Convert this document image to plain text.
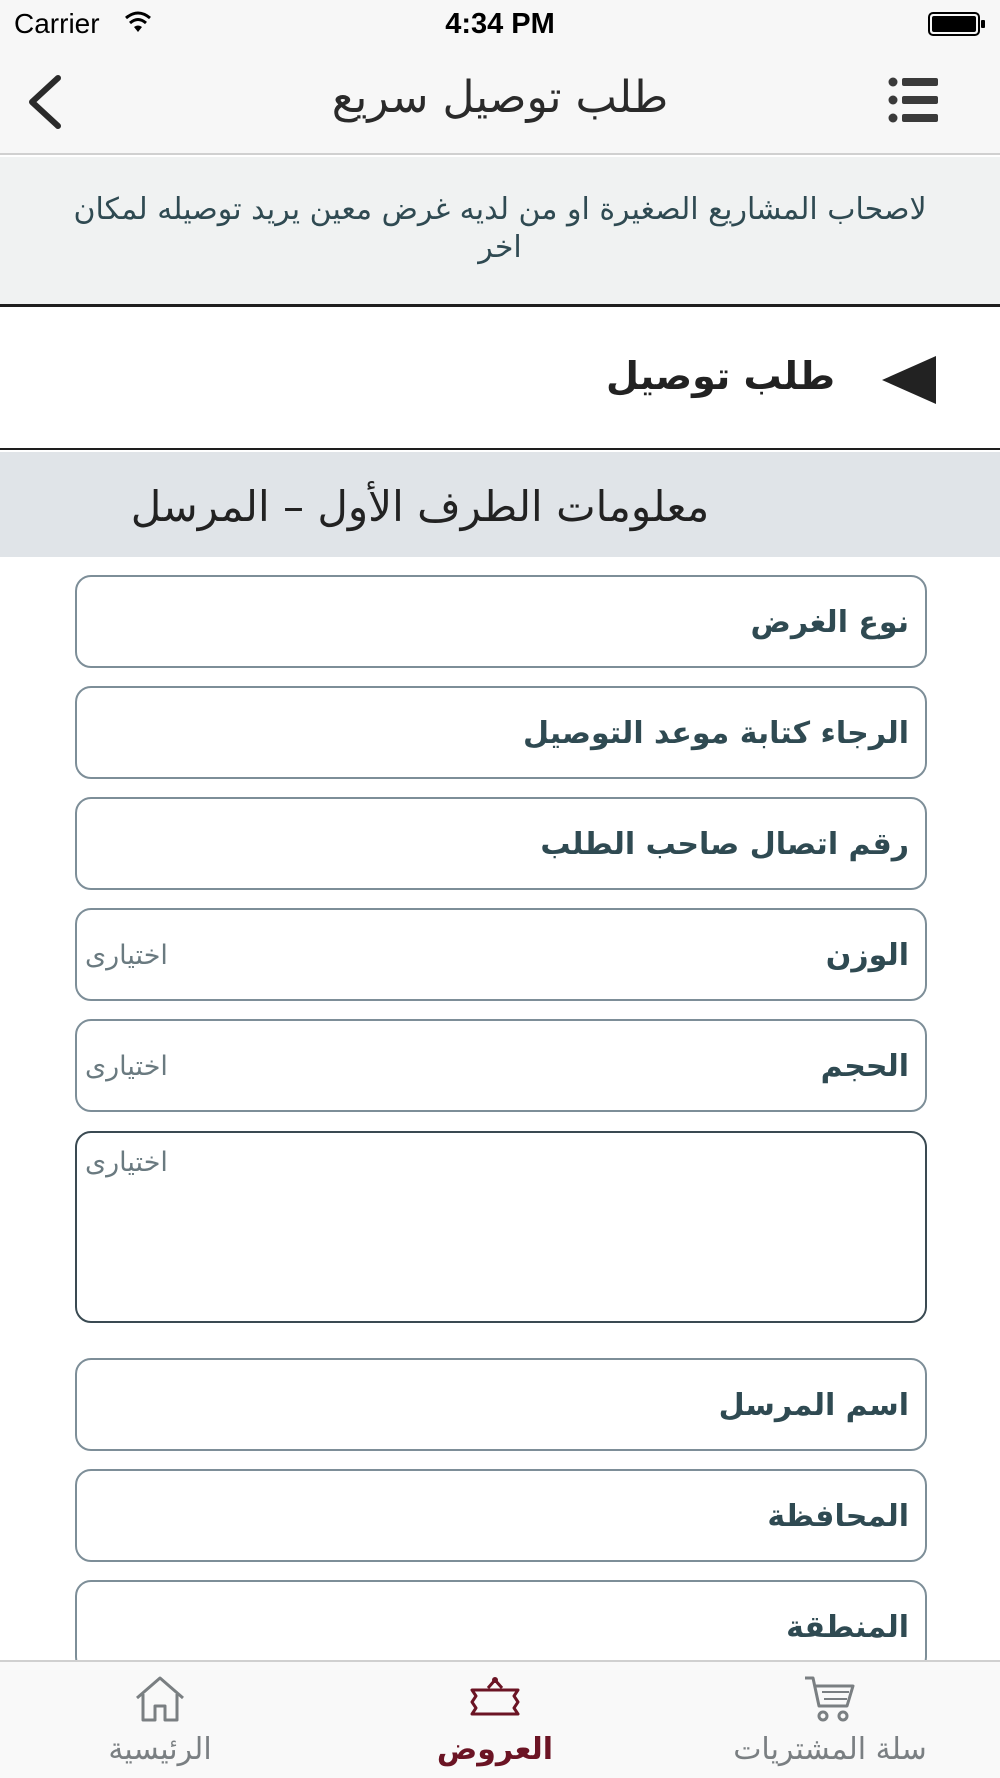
Carrier	4:34 PM
طلب توصيل سريع
لاصحاب المشاريع الصغيرة او من لديه غرض معين يريد توصيله لمكان اخر
طلب توصيل
معلومات الطرف الأول – المرسل
نوع الغرض
الرجاء كتابة موعد التوصيل
رقم اتصال صاحب الطلب
الوزن
اختيارى
الحجم
اختيارى
اختيارى
اسم المرسل
المحافظة
المنطقة
سلة المشتريات
العروض
الرئيسية
